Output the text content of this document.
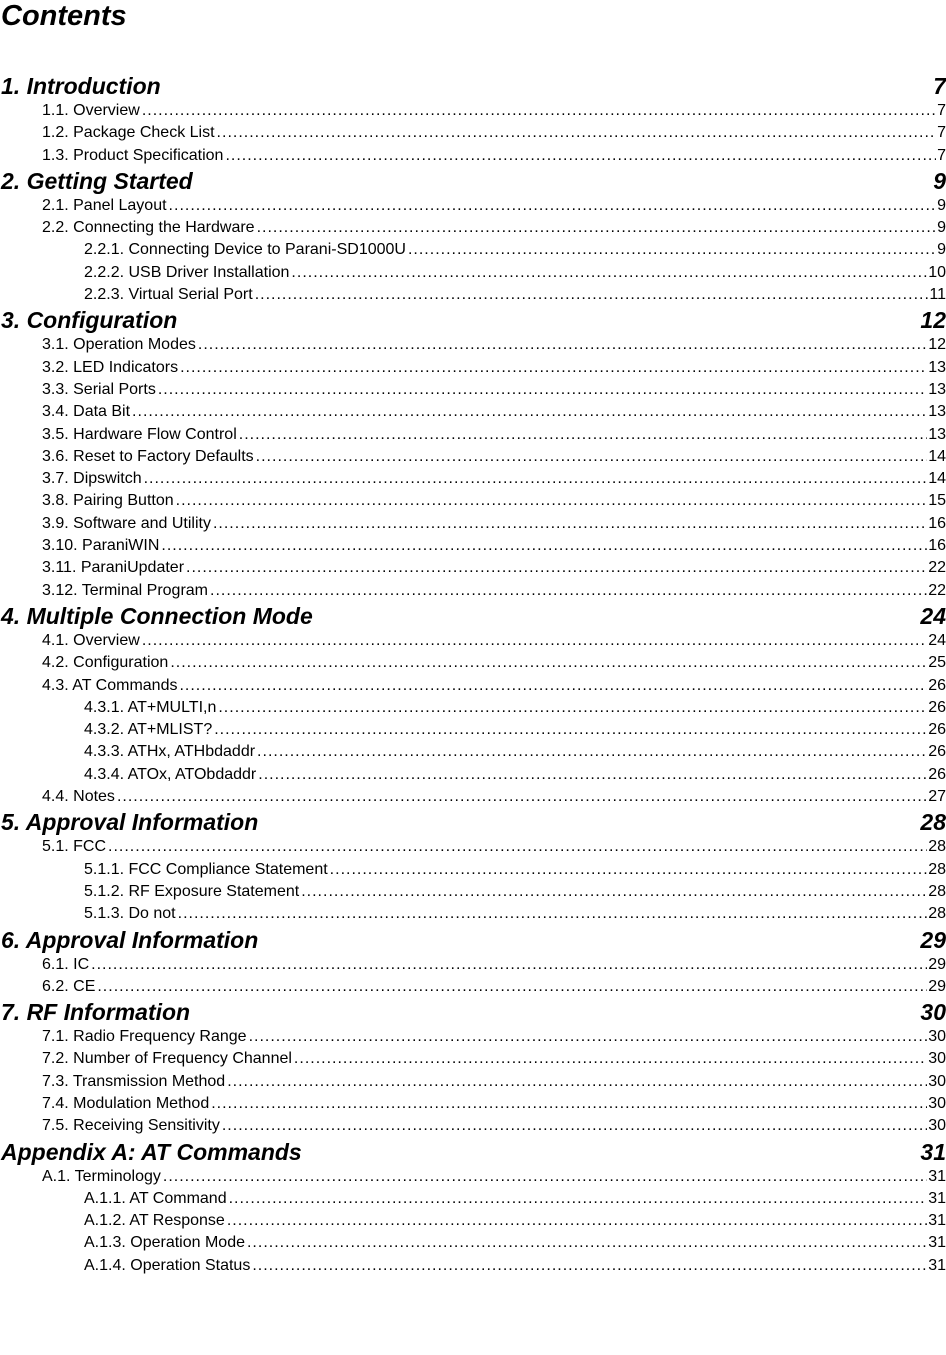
Contents
1. Introduction	7
1.1. Overview .....	7
1.2. Package Check List .....	7
1.3. Product Specification .....	7
2. Getting Started	9
2.1. Panel Layout .....	9
2.2. Connecting the Hardware .....	9
2.2.1. Connecting Device to Parani-SD1000U .....	9
2.2.2. USB Driver Installation .....	10
2.2.3. Virtual Serial Port .....	11
3. Configuration	12
3.1. Operation Modes .....	12
3.2. LED Indicators .....	13
3.3. Serial Ports .....	13
3.4. Data Bit .....	13
3.5. Hardware Flow Control .....	13
3.6. Reset to Factory Defaults .....	14
3.7. Dipswitch .....	14
3.8. Pairing Button .....	15
3.9. Software and Utility .....	16
3.10. ParaniWIN .....	16
3.11. ParaniUpdater .....	22
3.12. Terminal Program .....	22
4. Multiple Connection Mode	24
4.1. Overview .....	24
4.2. Configuration .....	25
4.3. AT Commands .....	26
4.3.1. AT+MULTI,n .....	26
4.3.2. AT+MLIST? .....	26
4.3.3. ATHx, ATHbdaddr .....	26
4.3.4. ATOx, ATObdaddr .....	26
4.4. Notes .....	27
5. Approval Information	28
5.1. FCC .....	28
5.1.1. FCC Compliance Statement .....	28
5.1.2. RF Exposure Statement .....	28
5.1.3. Do not .....	28
6. Approval Information	29
6.1. IC .....	29
6.2. CE .....	29
7. RF Information	30
7.1. Radio Frequency Range .....	30
7.2. Number of Frequency Channel .....	30
7.3. Transmission Method .....	30
7.4. Modulation Method .....	30
7.5. Receiving Sensitivity .....	30
Appendix A: AT Commands	31
A.1. Terminology .....	31
A.1.1. AT Command .....	31
A.1.2. AT Response .....	31
A.1.3. Operation Mode .....	31
A.1.4. Operation Status .....	31
